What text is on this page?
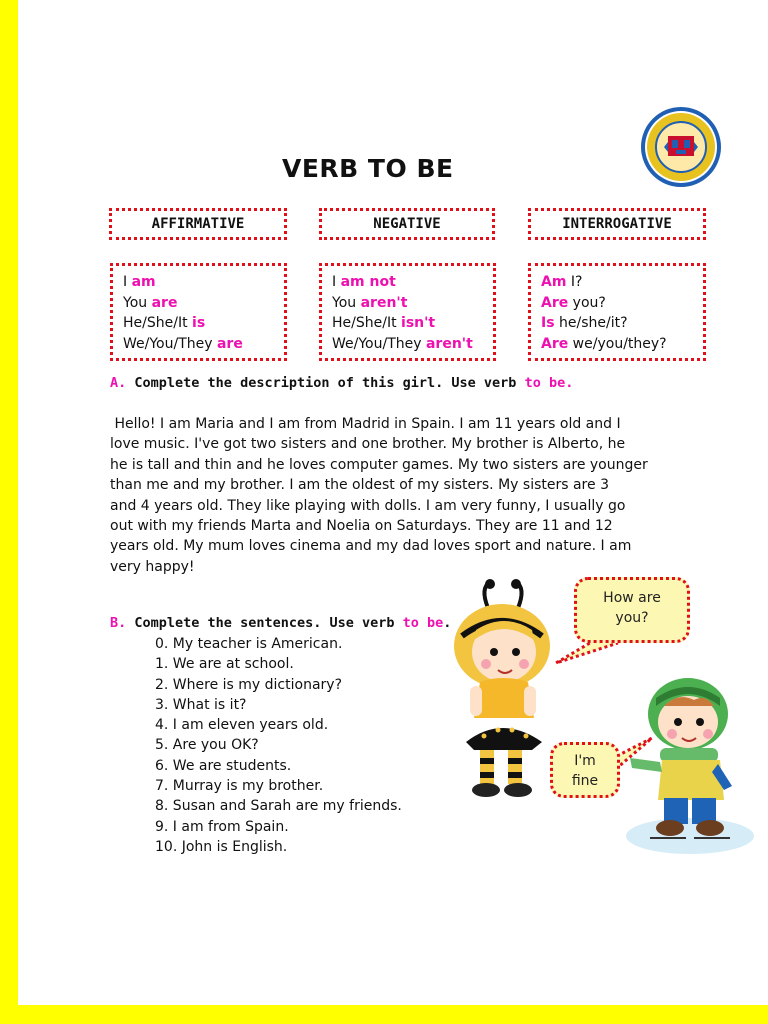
VERB TO BE
AFFIRMATIVE	NEGATIVE	INTERROGATIVE
I am
You are
He/She/It is
We/You/They are
I am not
You aren't
He/She/It isn't
We/You/They aren't
Am I?
Are you?
Is he/she/it?
Are we/you/they?
A. Complete the description of this girl. Use verb to be.
Hello! I am Maria and I am from Madrid in Spain. I am 11 years old and I
love music. I've got two sisters and one brother. My brother is Alberto, he
he is tall and thin and he loves computer games. My two sisters are younger
than me and my brother. I am the oldest of my sisters. My sisters are 3
and 4 years old. They like playing with dolls. I am very funny, I usually go
out with my friends Marta and Noelia on Saturdays. They are 11 and 12
years old. My mum loves cinema and my dad loves sport and nature. I am
very happy!
B. Complete the sentences. Use verb to be.
0. My teacher is American.
1. We are at school.
2. Where is my dictionary?
3. What is it?
4. I am eleven years old.
5. Are you OK?
6. We are students.
7. Murray is my brother.
8. Susan and Sarah are my friends.
9. I am from Spain.
10. John is English.
How are
you?
I'm
fine
